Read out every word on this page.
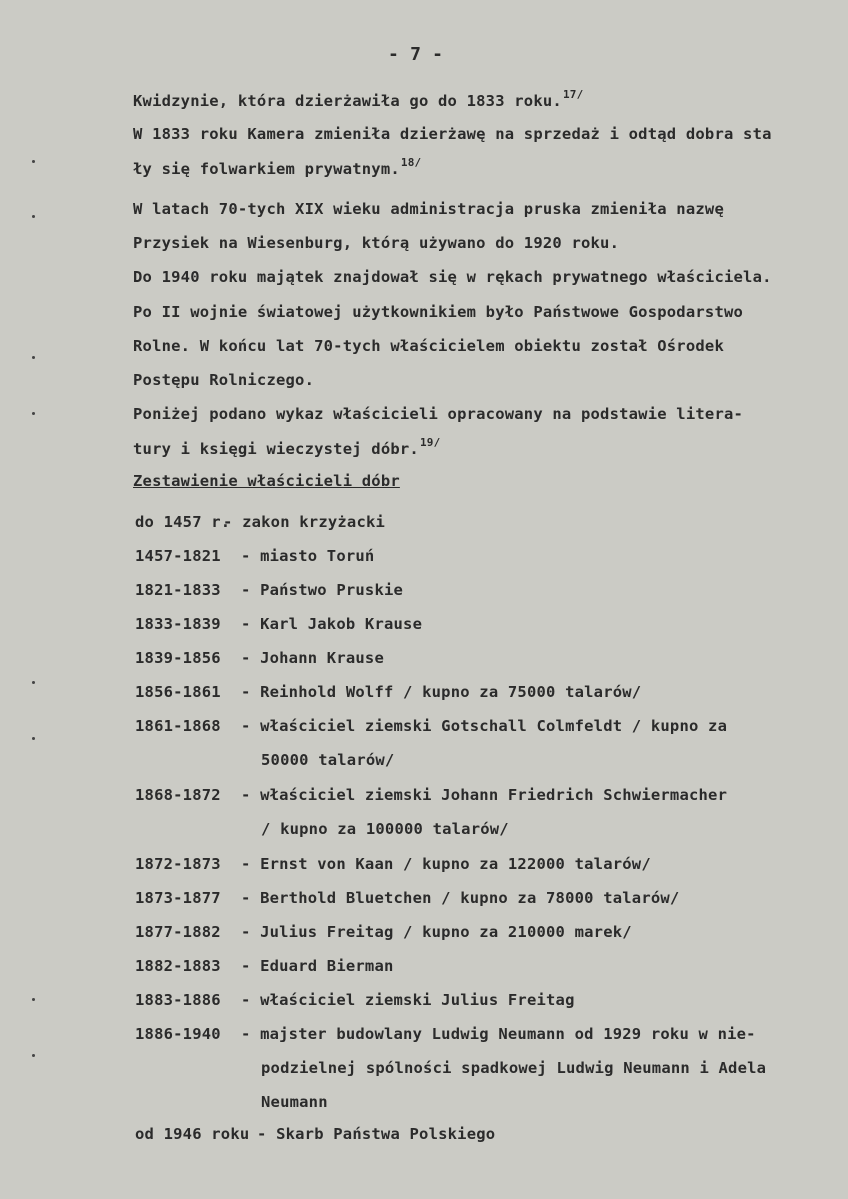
- 7 -
Kwidzynie, która dzierżawiła go do 1833 roku.$^{17/}$
W 1833 roku Kamera zmieniła dzierżawę na sprzedaż i odtąd dobra sta
ły się folwarkiem prywatnym.$^{18/}$
W latach 70-tych XIX wieku administracja pruska zmieniła nazwę
Przysiek na Wiesenburg, którą używano do 1920 roku.
Do 1940 roku majątek znajdował się w rękach prywatnego właściciela.
Po II wojnie światowej użytkownikiem było Państwowe Gospodarstwo
Rolne. W końcu lat 70-tych właścicielem obiektu został Ośrodek
Postępu Rolniczego.
Poniżej podano wykaz właścicieli opracowany na podstawie litera-
tury i księgi wieczystej dóbr.$^{19/}$
Zestawienie właścicieli dóbr
do 1457 r.
- zakon krzyżacki
1457-1821 - miasto Toruń
1821-1833 - Państwo Pruskie
1833-1839 - Karl Jakob Krause
1839-1856 - Johann Krause
1856-1861 - Reinhold Wolff / kupno za 75000 talarów/
1861-1868 - właściciel ziemski Gotschall Colmfeldt / kupno za
50000 talarów/
1868-1872 - właściciel ziemski Johann Friedrich Schwiermacher
/ kupno za 100000 talarów/
1872-1873 - Ernst von Kaan / kupno za 122000 talarów/
1873-1877 - Berthold Bluetchen / kupno za 78000 talarów/
1877-1882 - Julius Freitag / kupno za 210000 marek/
1882-1883 - Eduard Bierman
1883-1886 - właściciel ziemski Julius Freitag
1886-1940 - majster budowlany Ludwig Neumann od 1929 roku w nie-
podzielnej spólności spadkowej Ludwig Neumann i Adela
Neumann
od 1946 roku - Skarb Państwa Polskiego
